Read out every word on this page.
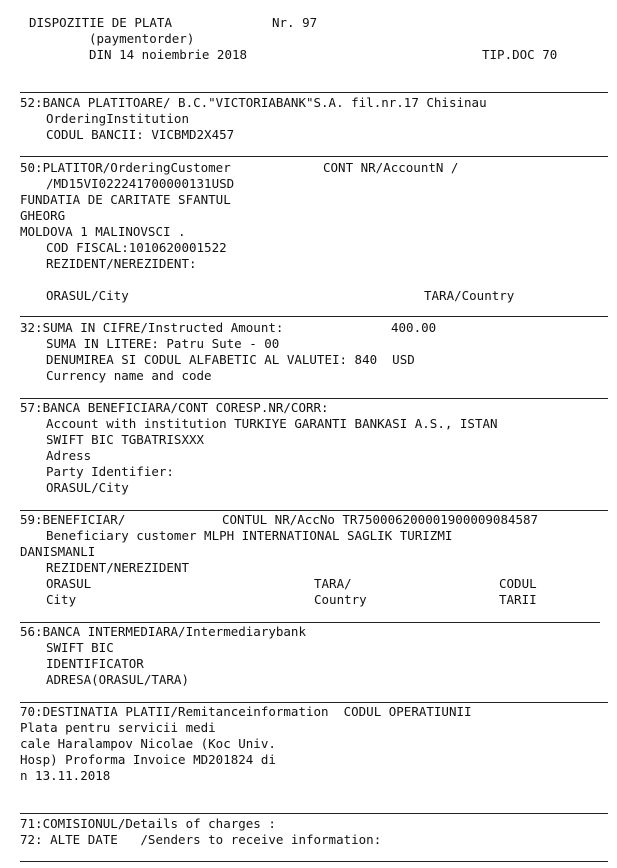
DISPOZITIE DE PLATA	Nr. 97
(paymentorder)
DIN 14 noiembrie 2018	TIP.DOC 70
52:BANCA PLATITOARE/ B.C."VICTORIABANK"S.A. fil.nr.17 Chisinau
OrderingInstitution
CODUL BANCII: VICBMD2X457
50:PLATITOR/OrderingCustomer	CONT NR/AccountN /
/MD15VI022241700000131USD
FUNDATIA DE CARITATE SFANTUL
GHEORG
MOLDOVA 1 MALINOVSCI .
COD FISCAL:1010620001522
REZIDENT/NEREZIDENT:
ORASUL/City	TARA/Country
32:SUMA IN CIFRE/Instructed Amount:	400.00
SUMA IN LITERE: Patru Sute - 00
DENUMIREA SI CODUL ALFABETIC AL VALUTEI: 840  USD
Currency name and code
57:BANCA BENEFICIARA/CONT CORESP.NR/CORR:
Account with institution TURKIYE GARANTI BANKASI A.S., ISTAN
SWIFT BIC TGBATRISXXX
Adress
Party Identifier:
ORASUL/City
59:BENEFICIAR/	CONTUL NR/AccNo TR750006200001900009084587
Beneficiary customer MLPH INTERNATIONAL SAGLIK TURIZMI
DANISMANLI
REZIDENT/NEREZIDENT
ORASUL	TARA/	CODUL
City	Country	TARII
56:BANCA INTERMEDIARA/Intermediarybank
SWIFT BIC
IDENTIFICATOR
ADRESA(ORASUL/TARA)
70:DESTINATIA PLATII/Remitanceinformation  CODUL OPERATIUNII
Plata pentru servicii medi
cale Haralampov Nicolae (Koc Univ.
Hosp) Proforma Invoice MD201824 di
n 13.11.2018
71:COMISIONUL/Details of charges :
72: ALTE DATE   /Senders to receive information:
